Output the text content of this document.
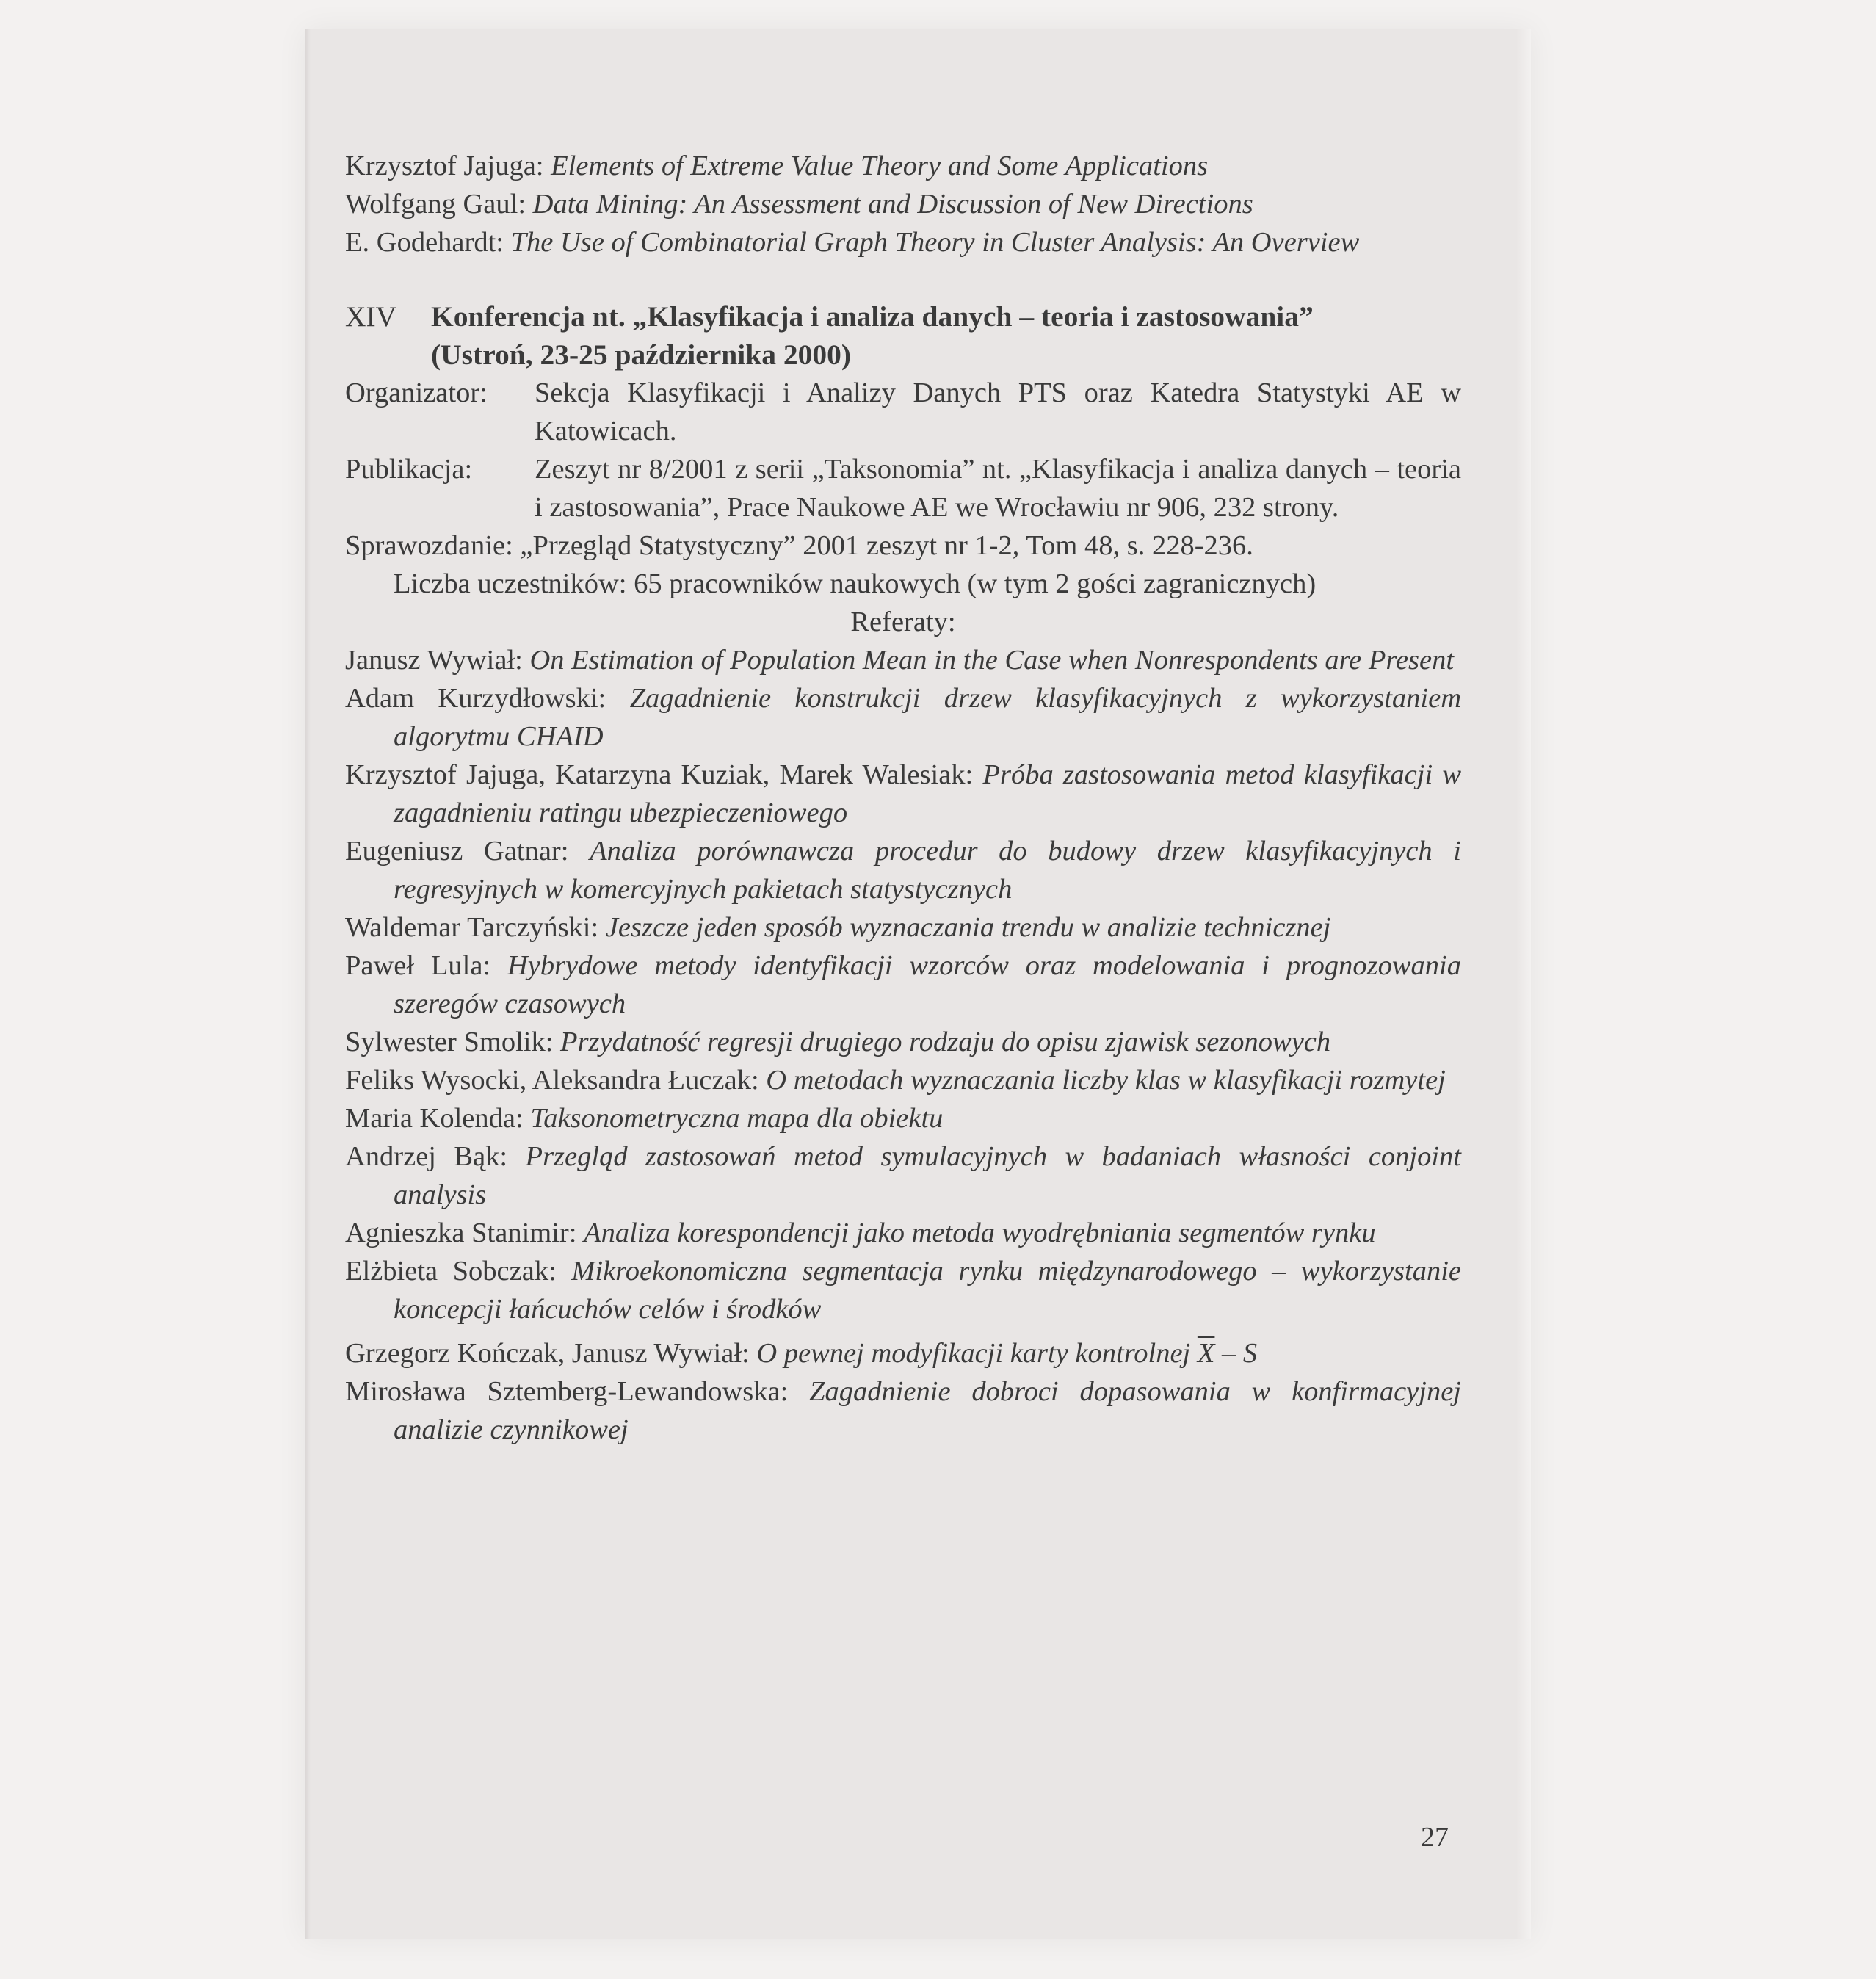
Krzysztof Jajuga: Elements of Extreme Value Theory and Some Applications
Wolfgang Gaul: Data Mining: An Assessment and Discussion of New Directions
E. Godehardt: The Use of Combinatorial Graph Theory in Cluster Analysis: An Overview
XIV Konferencja nt. „Klasyfikacja i analiza danych – teoria i zastosowania”
(Ustroń, 23-25 października 2000)
Organizator:	Sekcja Klasyfikacji i Analizy Danych PTS oraz Katedra Statystyki AE w Katowicach.
Publikacja:	Zeszyt nr 8/2001 z serii „Taksonomia” nt. „Klasyfikacja i analiza danych – teoria i zastosowania”, Prace Naukowe AE we Wrocławiu nr 906, 232 strony.
Sprawozdanie: „Przegląd Statystyczny” 2001 zeszyt nr 1-2, Tom 48, s. 228-236.
Liczba uczestników: 65 pracowników naukowych (w tym 2 gości zagranicznych)
Referaty:
Janusz Wywiał: On Estimation of Population Mean in the Case when Nonrespondents are Present
Adam Kurzydłowski: Zagadnienie konstrukcji drzew klasyfikacyjnych z wykorzystaniem algorytmu CHAID
Krzysztof Jajuga, Katarzyna Kuziak, Marek Walesiak: Próba zastosowania metod klasyfikacji w zagadnieniu ratingu ubezpieczeniowego
Eugeniusz Gatnar: Analiza porównawcza procedur do budowy drzew klasyfikacyjnych i regresyjnych w komercyjnych pakietach statystycznych
Waldemar Tarczyński: Jeszcze jeden sposób wyznaczania trendu w analizie technicznej
Paweł Lula: Hybrydowe metody identyfikacji wzorców oraz modelowania i prognozowania szeregów czasowych
Sylwester Smolik: Przydatność regresji drugiego rodzaju do opisu zjawisk sezonowych
Feliks Wysocki, Aleksandra Łuczak: O metodach wyznaczania liczby klas w klasyfikacji rozmytej
Maria Kolenda: Taksonometryczna mapa dla obiektu
Andrzej Bąk: Przegląd zastosowań metod symulacyjnych w badaniach własności conjoint analysis
Agnieszka Stanimir: Analiza korespondencji jako metoda wyodrębniania segmentów rynku
Elżbieta Sobczak: Mikroekonomiczna segmentacja rynku międzynarodowego – wykorzystanie koncepcji łańcuchów celów i środków
Grzegorz Kończak, Janusz Wywiał: O pewnej modyfikacji karty kontrolnej $\overline{X}$ – S
Mirosława Sztemberg-Lewandowska: Zagadnienie dobroci dopasowania w konfirmacyjnej analizie czynnikowej
27
